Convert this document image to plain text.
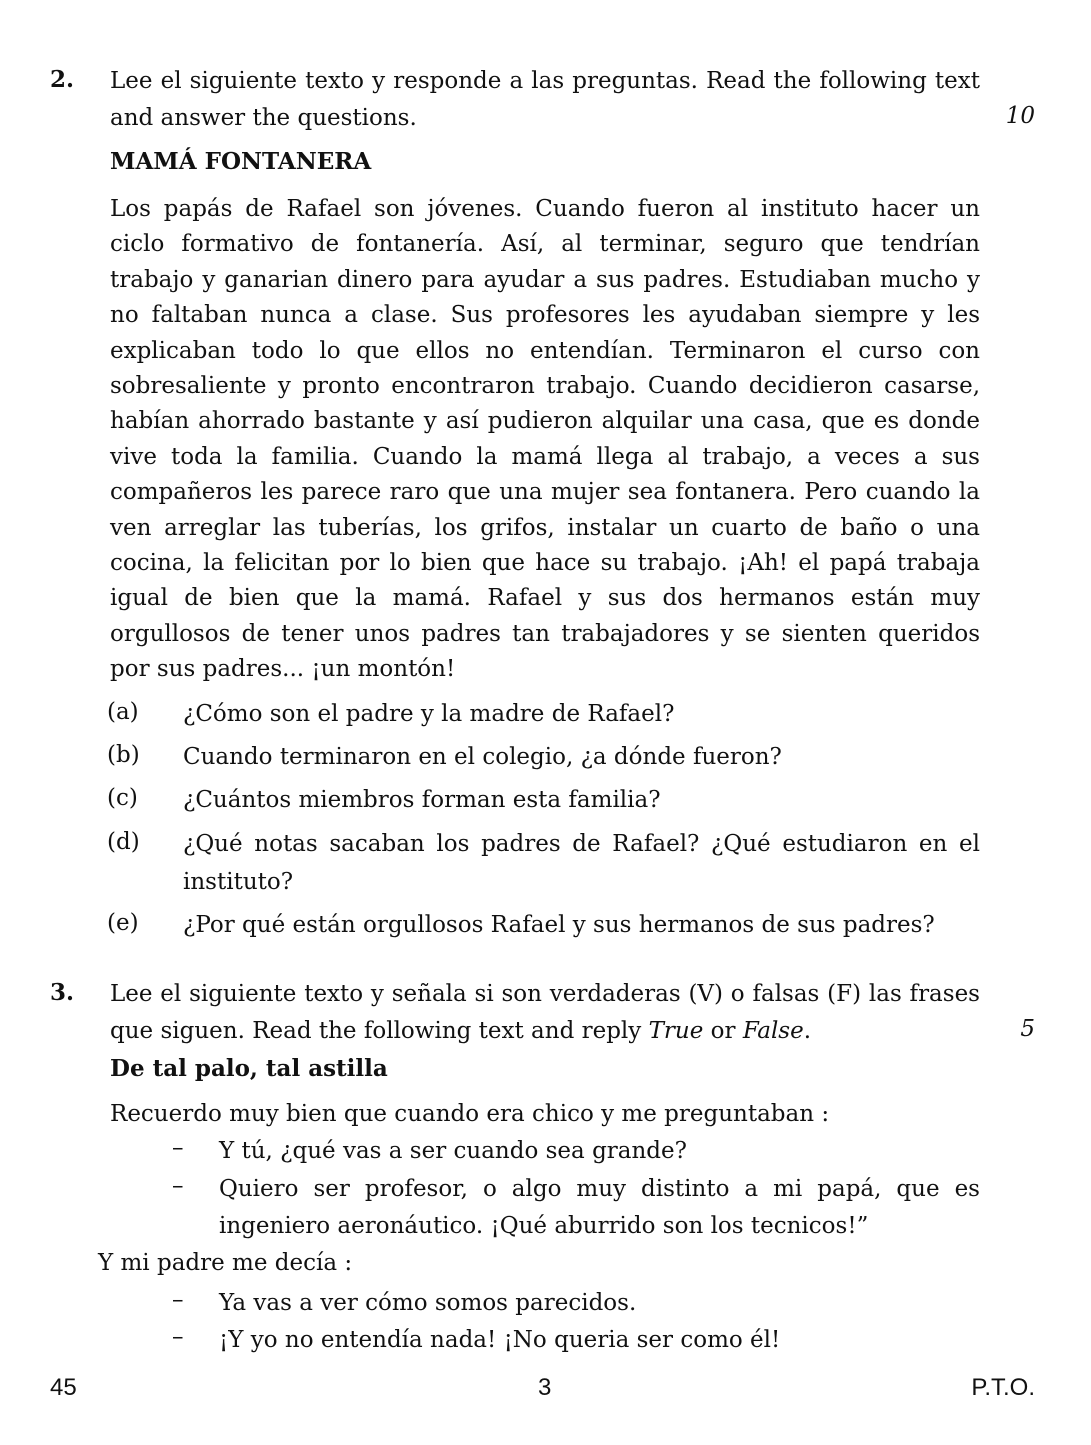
2. Lee el siguiente texto y responde a las preguntas. Read the following text
and answer the questions.	10
MAMÁ FONTANERA
Los papás de Rafael son jóvenes. Cuando fueron al instituto hacer un ciclo formativo de fontanería. Así, al terminar, seguro que tendrían trabajo y ganarian dinero para ayudar a sus padres. Estudiaban mucho y no faltaban nunca a clase. Sus profesores les ayudaban siempre y les explicaban todo lo que ellos no entendían. Terminaron el curso con sobresaliente y pronto encontraron trabajo. Cuando decidieron casarse, habían ahorrado bastante y así pudieron alquilar una casa, que es donde vive toda la familia. Cuando la mamá llega al trabajo, a veces a sus compañeros les parece raro que una mujer sea fontanera. Pero cuando la ven arreglar las tuberías, los grifos, instalar un cuarto de baño o una cocina, la felicitan por lo bien que hace su trabajo. ¡Ah! el papá trabaja igual de bien que la mamá. Rafael y sus dos hermanos están muy orgullosos de tener unos padres tan trabajadores y se sienten queridos por sus padres... ¡un montón!
(a) ¿Cómo son el padre y la madre de Rafael?
(b) Cuando terminaron en el colegio, ¿a dónde fueron?
(c) ¿Cuántos miembros forman esta familia?
(d) ¿Qué notas sacaban los padres de Rafael? ¿Qué estudiaron en el instituto?
(e) ¿Por qué están orgullosos Rafael y sus hermanos de sus padres?
3. Lee el siguiente texto y señala si son verdaderas (V) o falsas (F) las frases
que siguen. Read the following text and reply True or False.	5
De tal palo, tal astilla
Recuerdo muy bien que cuando era chico y me preguntaban :
– Y tú, ¿qué vas a ser cuando sea grande?
– Quiero ser profesor, o algo muy distinto a mi papá, que es ingeniero aeronáutico. ¡Qué aburrido son los tecnicos!”
Y mi padre me decía :
– Ya vas a ver cómo somos parecidos.
– ¡Y yo no entendía nada! ¡No queria ser como él!
45	3	P.T.O.
